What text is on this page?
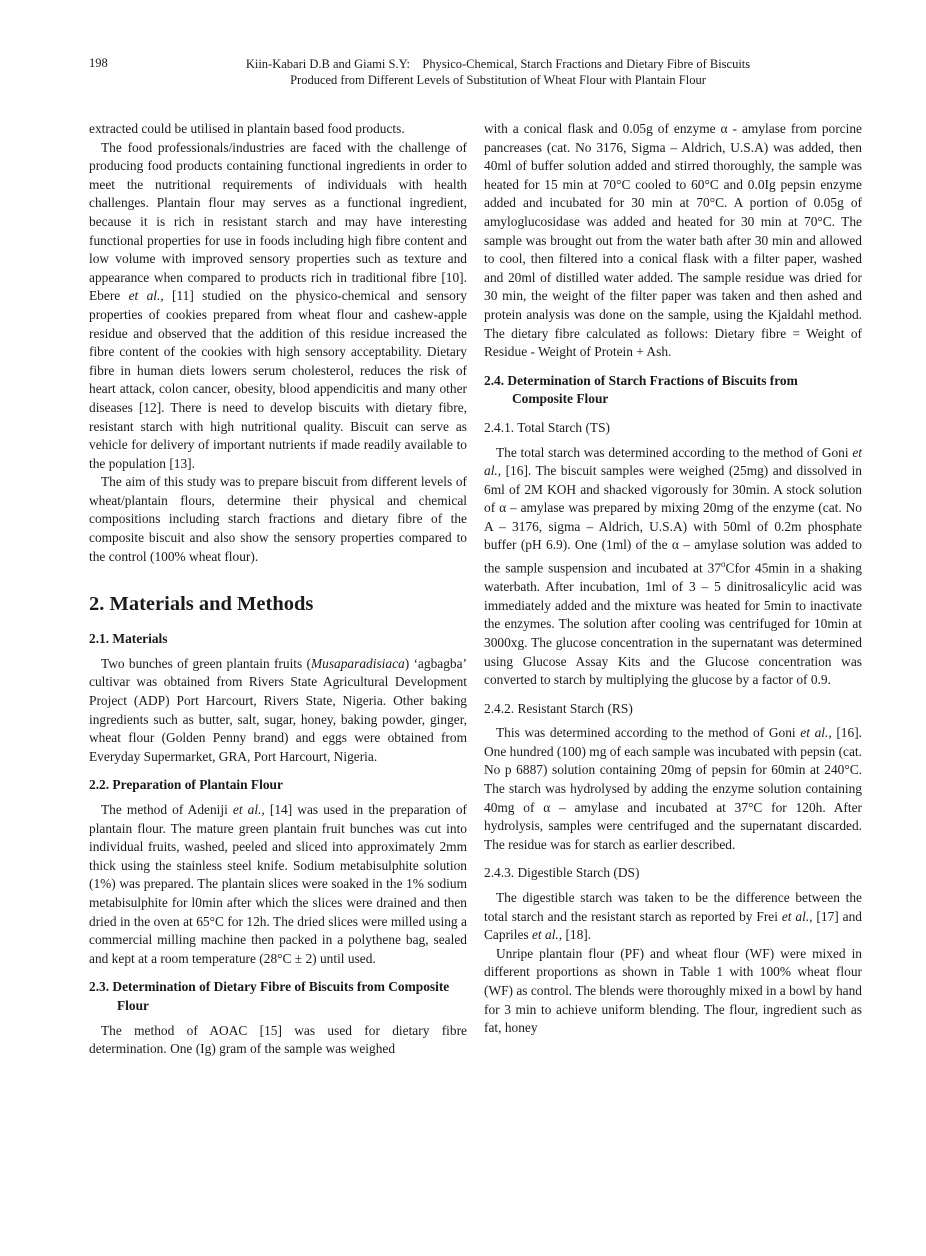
198	Kiin-Kabari D.B and Giami S.Y:    Physico-Chemical, Starch Fractions and Dietary Fibre of Biscuits
Produced from Different Levels of Substitution of Wheat Flour with Plantain Flour

extracted could be utilised in plantain based food products.

The food professionals/industries are faced with the challenge of producing food products containing functional ingredients in order to meet the nutritional requirements of individuals with health challenges. Plantain flour may serves as a functional ingredient, because it is rich in resistant starch and may have interesting functional properties for use in foods including high fibre content and low volume with improved sensory properties such as texture and appearance when compared to products rich in traditional fibre [10]. Ebere et al., [11] studied on the physico-chemical and sensory properties of cookies prepared from wheat flour and cashew-apple residue and observed that the addition of this residue increased the fibre content of the cookies with high sensory acceptability. Dietary fibre in human diets lowers serum cholesterol, reduces the risk of heart attack, colon cancer, obesity, blood appendicitis and many other diseases [12]. There is need to develop biscuits with dietary fibre, resistant starch with high nutritional quality. Biscuit can serve as vehicle for delivery of important nutrients if made readily available to the population [13].

The aim of this study was to prepare biscuit from different levels of wheat/plantain flours, determine their physical and chemical compositions including starch fractions and dietary fibre of the composite biscuit and also show the sensory properties compared to the control (100% wheat flour).

2. Materials and Methods
2.1. Materials

Two bunches of green plantain fruits (Musaparadisiaca) ‘agbagba’ cultivar was obtained from Rivers State Agricultural Development Project (ADP) Port Harcourt, Rivers State, Nigeria. Other baking ingredients such as butter, salt, sugar, honey, baking powder, ginger, wheat flour (Golden Penny brand) and eggs were obtained from Everyday Supermarket, GRA, Port Harcourt, Nigeria.

2.2. Preparation of Plantain Flour

The method of Adeniji et al., [14] was used in the preparation of plantain flour. The mature green plantain fruit bunches was cut into individual fruits, washed, peeled and sliced into approximately 2mm thick using the stainless steel knife. Sodium metabisulphite solution (1%) was prepared. The plantain slices were soaked in the 1% sodium metabisulphite for l0min after which the slices were drained and then dried in the oven at 65°C for 12h. The dried slices were milled using a commercial milling machine then packed in a polythene bag, sealed and kept at a room temperature (28°C ± 2) until used.

2.3. Determination of Dietary Fibre of Biscuits from Composite Flour

The method of AOAC [15] was used for dietary fibre determination. One (Ig) gram of the sample was weighed

with a conical flask and 0.05g of enzyme α - amylase from porcine pancreases (cat. No 3176, Sigma – Aldrich, U.S.A) was added, then 40ml of buffer solution added and stirred thoroughly, the sample was heated for 15 min at 70°C cooled to 60°C and 0.0Ig pepsin enzyme added and incubated for 30 min at 70°C. A portion of 0.05g of amyloglucosidase was added and heated for 30 min at 70°C. The sample was brought out from the water bath after 30 min and allowed to cool, then filtered into a conical flask with a filter paper, washed and 20ml of distilled water added. The sample residue was dried for 30 min, the weight of the filter paper was taken and then ashed and protein analysis was done on the sample, using the Kjaldahl method. The dietary fibre calculated as follows: Dietary fibre = Weight of Residue - Weight of Protein + Ash.

2.4. Determination of Starch Fractions of Biscuits from Composite Flour
2.4.1. Total Starch (TS)

The total starch was determined according to the method of Goni et al., [16]. The biscuit samples were weighed (25mg) and dissolved in 6ml of 2M KOH and shacked vigorously for 30min. A stock solution of α – amylase was prepared by mixing 20mg of the enzyme (cat. No A – 3176, sigma – Aldrich, U.S.A) with 50ml of 0.2m phosphate buffer (pH 6.9). One (1ml) of the α – amylase solution was added to the sample suspension and incubated at 37$^o$Cfor 45min in a shaking waterbath. After incubation, 1ml of 3 – 5 dinitrosalicylic acid was immediately added and the mixture was heated for 5min to inactivate the enzymes. The solution after cooling was centrifuged for 10min at 3000xg. The glucose concentration in the supernatant was determined using Glucose Assay Kits and the Glucose concentration was converted to starch by multiplying the glucose by a factor of 0.9.

2.4.2. Resistant Starch (RS)

This was determined according to the method of Goni et al., [16]. One hundred (100) mg of each sample was incubated with pepsin (cat. No p 6887) solution containing 20mg of pepsin for 60min at 240°C. The starch was hydrolysed by adding the enzyme solution containing 40mg of α – amylase and incubated at 37°C for 120h. After hydrolysis, samples were centrifuged and the supernatant discarded. The residue was for starch as earlier described.

2.4.3. Digestible Starch (DS)

The digestible starch was taken to be the difference between the total starch and the resistant starch as reported by Frei et al., [17] and Capriles et al., [18].

Unripe plantain flour (PF) and wheat flour (WF) were mixed in different proportions as shown in Table 1 with 100% wheat flour (WF) as control. The blends were thoroughly mixed in a bowl by hand for 3 min to achieve uniform blending. The flour, ingredient such as fat, honey
